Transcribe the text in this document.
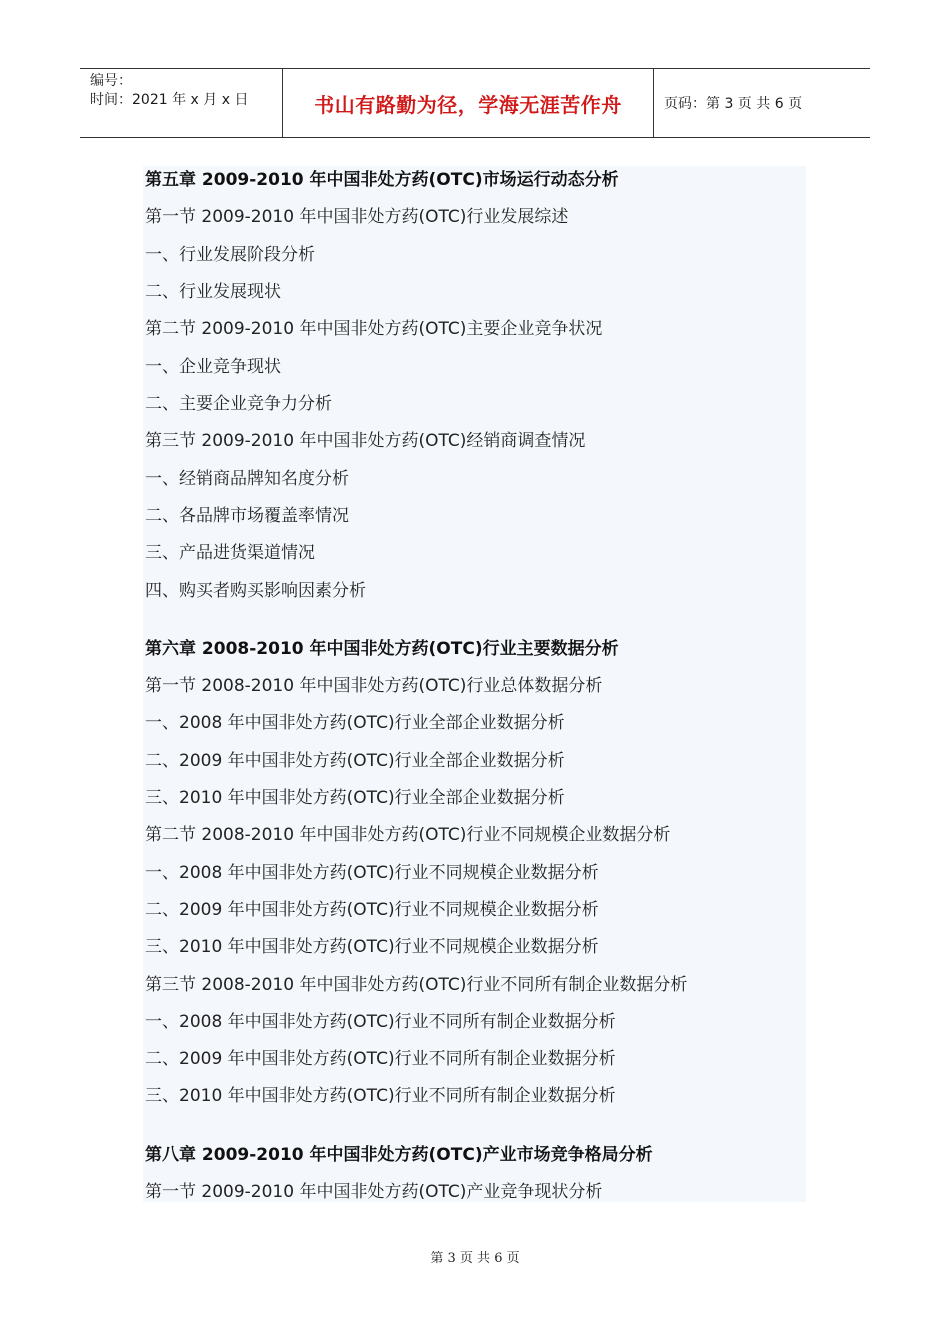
编号：
时间：2021 年 x 月 x 日	书山有路勤为径，学海无涯苦作舟	页码：第 3 页 共 6 页
第五章 2009-2010 年中国非处方药(OTC)市场运行动态分析
第一节 2009-2010 年中国非处方药(OTC)行业发展综述
一、行业发展阶段分析
二、行业发展现状
第二节 2009-2010 年中国非处方药(OTC)主要企业竞争状况
一、企业竞争现状
二、主要企业竞争力分析
第三节 2009-2010 年中国非处方药(OTC)经销商调查情况
一、经销商品牌知名度分析
二、各品牌市场覆盖率情况
三、产品进货渠道情况
四、购买者购买影响因素分析
第六章 2008-2010 年中国非处方药(OTC)行业主要数据分析
第一节 2008-2010 年中国非处方药(OTC)行业总体数据分析
一、2008 年中国非处方药(OTC)行业全部企业数据分析
二、2009 年中国非处方药(OTC)行业全部企业数据分析
三、2010 年中国非处方药(OTC)行业全部企业数据分析
第二节 2008-2010 年中国非处方药(OTC)行业不同规模企业数据分析
一、2008 年中国非处方药(OTC)行业不同规模企业数据分析
二、2009 年中国非处方药(OTC)行业不同规模企业数据分析
三、2010 年中国非处方药(OTC)行业不同规模企业数据分析
第三节 2008-2010 年中国非处方药(OTC)行业不同所有制企业数据分析
一、2008 年中国非处方药(OTC)行业不同所有制企业数据分析
二、2009 年中国非处方药(OTC)行业不同所有制企业数据分析
三、2010 年中国非处方药(OTC)行业不同所有制企业数据分析
第八章 2009-2010 年中国非处方药(OTC)产业市场竞争格局分析
第一节 2009-2010 年中国非处方药(OTC)产业竞争现状分析
第 3 页 共 6 页
